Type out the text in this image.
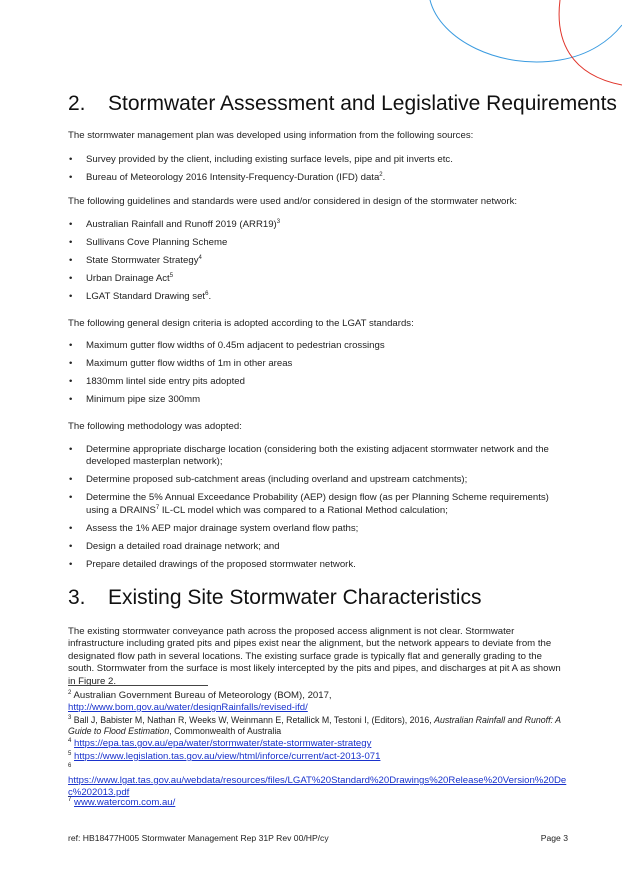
2.	Stormwater Assessment and Legislative Requirements

The stormwater management plan was developed using information from the following sources:

• Survey provided by the client, including existing surface levels, pipe and pit inverts etc.
• Bureau of Meteorology 2016 Intensity-Frequency-Duration (IFD) data$^2$.

The following guidelines and standards were used and/or considered in design of the stormwater network:

• Australian Rainfall and Runoff 2019 $(ARR19)^3$
• Sullivans Cove Planning Scheme
• State Stormwater Strategy$^4$
• Urban Drainage Act$^5$
• LGAT Standard Drawing set$^6$.

The following general design criteria is adopted according to the LGAT standards:

• Maximum gutter flow widths of 0.45m adjacent to pedestrian crossings
• Maximum gutter flow widths of 1m in other areas
• 1830mm lintel side entry pits adopted
• Minimum pipe size 300mm

The following methodology was adopted:

• Determine appropriate discharge location (considering both the existing adjacent stormwater network and the developed masterplan network);
• Determine proposed sub-catchment areas (including overland and upstream catchments);
• Determine the 5% Annual Exceedance Probability (AEP) design flow (as per Planning Scheme requirements) using a DRAINS$^7$ IL-CL model which was compared to a Rational Method calculation;
• Assess the 1% AEP major drainage system overland flow paths;
• Design a detailed road drainage network; and
• Prepare detailed drawings of the proposed stormwater network.
3.	Existing Site Stormwater Characteristics

The existing stormwater conveyance path across the proposed access alignment is not clear. Stormwater infrastructure including grated pits and pipes exist near the alignment, but the network appears to deviate from the designated flow path in several locations. The existing surface grade is typically flat and generally grading to the south. Stormwater from the surface is most likely intercepted by the pits and pipes, and discharges at pit A as shown in Figure 2.

$^2$ Australian Government Bureau of Meteorology (BOM), 2017,
http://www.bom.gov.au/water/designRainfalls/revised-ifd/
$^3$ Ball J, Babister M, Nathan R, Weeks W, Weinmann E, Retallick M, Testoni I, (Editors), 2016, Australian Rainfall and Runoff: A Guide to Flood Estimation, Commonwealth of Australia
$^4$ https://epa.tas.gov.au/epa/water/stormwater/state-stormwater-strategy
$^5$ https://www.legislation.tas.gov.au/view/html/inforce/current/act-2013-071
$^6$
https://www.lgat.tas.gov.au/webdata/resources/files/LGAT%20Standard%20Drawings%20Release%20Version%20Dec%202013.pdf
$^7$ www.watercom.com.au/
ref: HB18477H005 Stormwater Management Rep 31P Rev 00/HP/cy	Page 3
